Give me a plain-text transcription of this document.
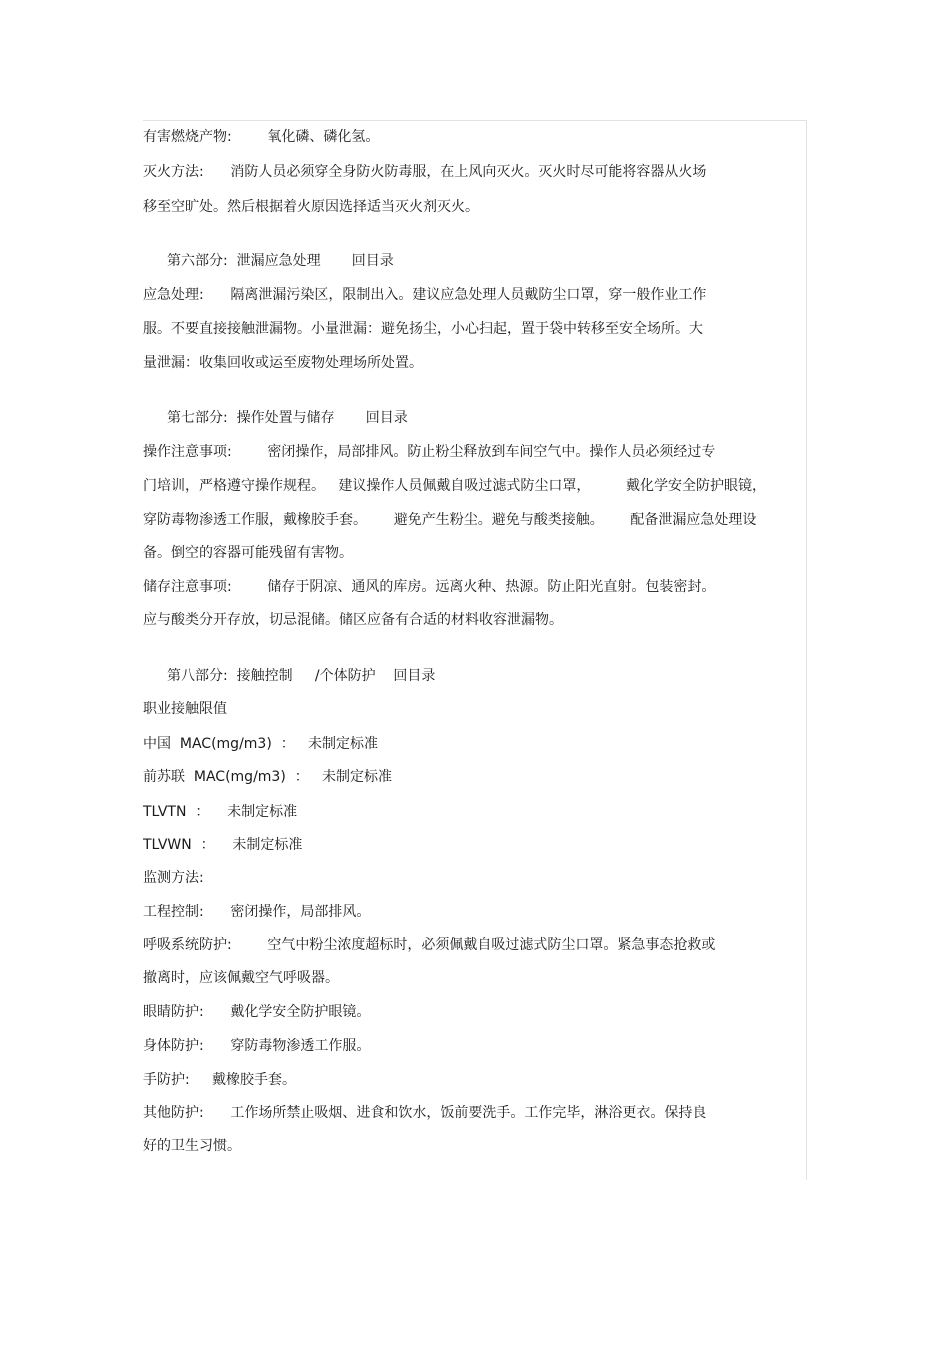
有害燃烧产物:        氧化磷、磷化氢。

灭火方法:      消防人员必须穿全身防火防毒服，在上风向灭火。灭火时尽可能将容器从火场

移至空旷处。然后根据着火原因选择适当灭火剂灭火。

第六部分:  泄漏应急处理       回目录

应急处理:      隔离泄漏污染区，限制出入。建议应急处理人员戴防尘口罩，穿一般作业工作

服。不要直接接触泄漏物。小量泄漏：避免扬尘，小心扫起，置于袋中转移至安全场所。大

量泄漏：收集回收或运至废物处理场所处置。

第七部分:  操作处置与储存       回目录

操作注意事项:        密闭操作，局部排风。防止粉尘释放到车间空气中。操作人员必须经过专

门培训，严格遵守操作规程。   建议操作人员佩戴自吸过滤式防尘口罩，        戴化学安全防护眼镜，

穿防毒物渗透工作服，戴橡胶手套。      避免产生粉尘。避免与酸类接触。      配备泄漏应急处理设

备。倒空的容器可能残留有害物。

储存注意事项:        储存于阴凉、通风的库房。远离火种、热源。防止阳光直射。包装密封。

应与酸类分开存放，切忌混储。储区应备有合适的材料收容泄漏物。

第八部分:  接触控制     /个体防护    回目录

职业接触限值

中国  MAC(mg/m3)  ：   未制定标准

前苏联  MAC(mg/m3)  ：   未制定标准

TLVTN  ：    未制定标准

TLVWN  ：    未制定标准

监测方法:

工程控制:      密闭操作，局部排风。

呼吸系统防护:        空气中粉尘浓度超标时，必须佩戴自吸过滤式防尘口罩。紧急事态抢救或

撤离时，应该佩戴空气呼吸器。

眼睛防护:      戴化学安全防护眼镜。

身体防护:      穿防毒物渗透工作服。

手防护:     戴橡胶手套。

其他防护:      工作场所禁止吸烟、进食和饮水，饭前要洗手。工作完毕，淋浴更衣。保持良

好的卫生习惯。
